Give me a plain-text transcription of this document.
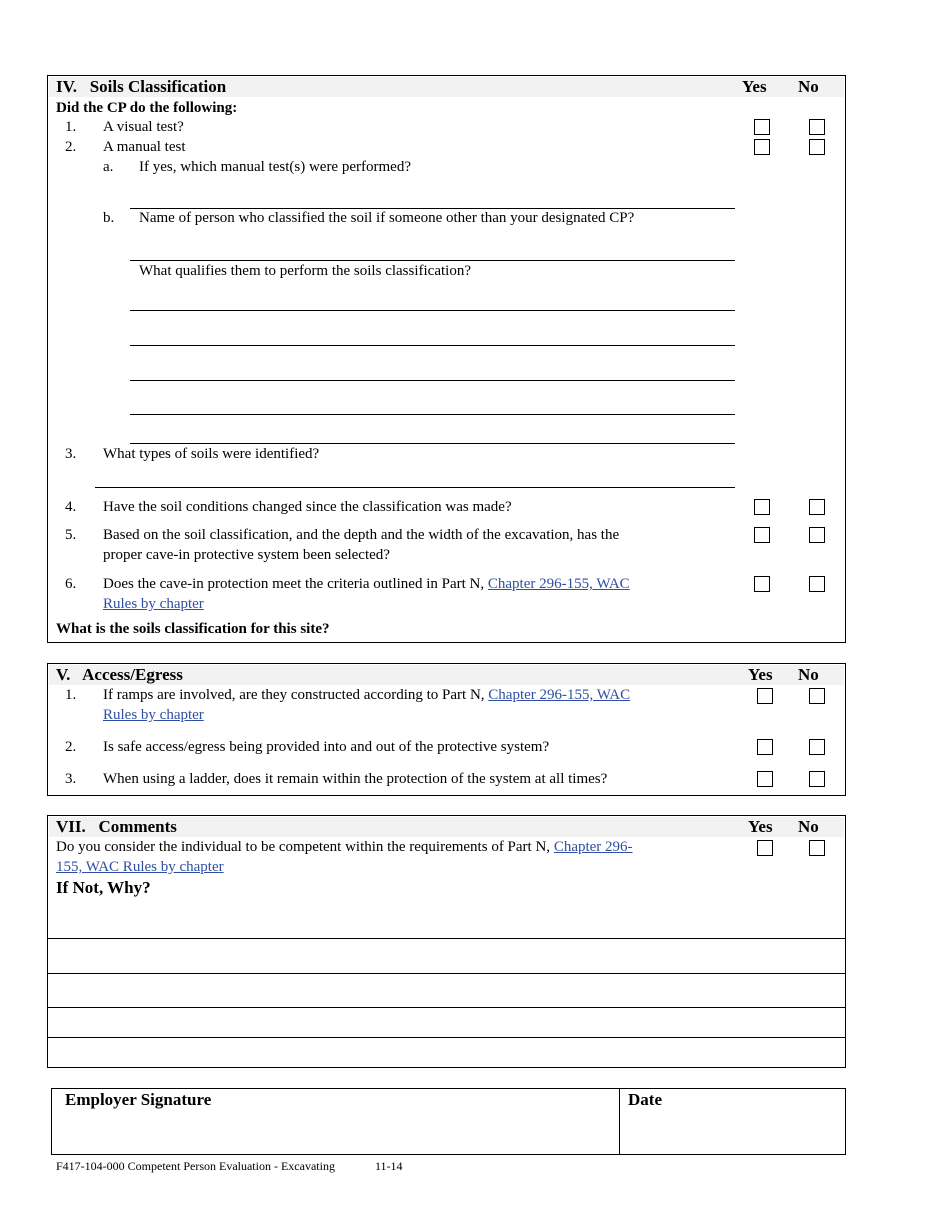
IV.   Soils Classification	Yes No
Did the CP do the following:
1. A visual test?
2. A manual test
a. If yes, which manual test(s) were performed?
b. Name of person who classified the soil if someone other than your designated CP?
What qualifies them to perform the soils classification?
3. What types of soils were identified?
4. Have the soil conditions changed since the classification was made?
5. Based on the soil classification, and the depth and the width of the excavation, has the
proper cave-in protective system been selected?
6. Does the cave-in protection meet the criteria outlined in Part N, Chapter 296-155, WAC
Rules by chapter
What is the soils classification for this site?
V.   Access/Egress	Yes No
1. If ramps are involved, are they constructed according to Part N, Chapter 296-155, WAC
Rules by chapter
2. Is safe access/egress being provided into and out of the protective system?
3. When using a ladder, does it remain within the protection of the system at all times?
VII.   Comments	Yes No
Do you consider the individual to be competent within the requirements of Part N, Chapter 296-
155, WAC Rules by chapter
If Not, Why?
Employer Signature	Date
F417-104-000 Competent Person Evaluation - Excavating	11-14
